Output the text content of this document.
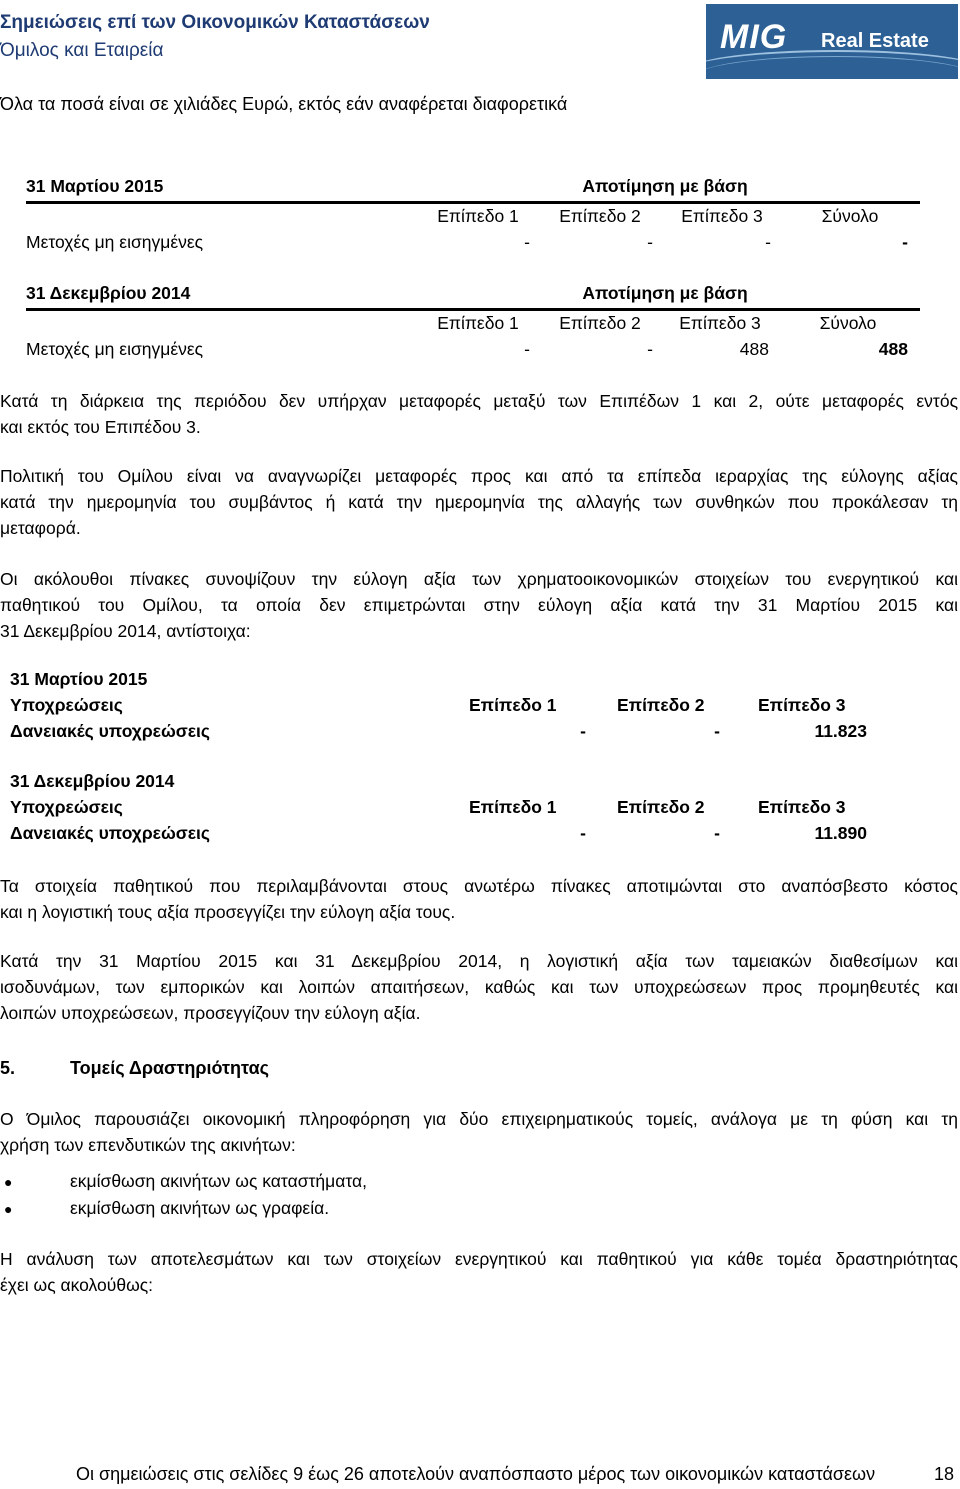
Σημειώσεις επί των Οικονομικών Καταστάσεων
Όμιλος και Εταιρεία	MIG Real Estate
Όλα τα ποσά είναι σε χιλιάδες Ευρώ, εκτός εάν αναφέρεται διαφορετικά
31 Μαρτίου 2015	Αποτίμηση με βάση
Επίπεδο 1	Επίπεδο 2	Επίπεδο 3	Σύνολο
Μετοχές μη εισηγμένες	-	-	-	-
31 Δεκεμβρίου 2014	Αποτίμηση με βάση
Επίπεδο 1	Επίπεδο 2	Επίπεδο 3	Σύνολο
Μετοχές μη εισηγμένες	-	-	488	488
Κατά τη διάρκεια της περιόδου δεν υπήρχαν μεταφορές μεταξύ των Επιπέδων 1 και 2, ούτε μεταφορές εντός
και εκτός του Επιπέδου 3.
Πολιτική του Ομίλου είναι να αναγνωρίζει μεταφορές προς και από τα επίπεδα ιεραρχίας της εύλογης αξίας
κατά την ημερομηνία του συμβάντος ή κατά την ημερομηνία της αλλαγής των συνθηκών που προκάλεσαν τη
μεταφορά.
Οι ακόλουθοι πίνακες συνοψίζουν την εύλογη αξία των χρηματοοικονομικών στοιχείων του ενεργητικού και
παθητικού του Ομίλου, τα οποία δεν επιμετρώνται στην εύλογη αξία κατά την 31 Μαρτίου 2015 και
31 Δεκεμβρίου 2014, αντίστοιχα:
31 Μαρτίου 2015
Υποχρεώσεις	Επίπεδο 1	Επίπεδο 2	Επίπεδο 3
Δανειακές υποχρεώσεις	-	-	11.823
31 Δεκεμβρίου 2014
Υποχρεώσεις	Επίπεδο 1	Επίπεδο 2	Επίπεδο 3
Δανειακές υποχρεώσεις	-	-	11.890
Τα στοιχεία παθητικού που περιλαμβάνονται στους ανωτέρω πίνακες αποτιμώνται στο αναπόσβεστο κόστος
και η λογιστική τους αξία προσεγγίζει την εύλογη αξία τους.
Κατά την 31 Μαρτίου 2015 και 31 Δεκεμβρίου 2014, η λογιστική αξία των ταμειακών διαθεσίμων και
ισοδυνάμων, των εμπορικών και λοιπών απαιτήσεων, καθώς και των υποχρεώσεων προς προμηθευτές και
λοιπών υποχρεώσεων, προσεγγίζουν την εύλογη αξία.
5.	Τομείς Δραστηριότητας
Ο Όμιλος παρουσιάζει οικονομική πληροφόρηση για δύο επιχειρηματικούς τομείς, ανάλογα με τη φύση και τη
χρήση των επενδυτικών της ακινήτων:
●	εκμίσθωση ακινήτων ως καταστήματα,
●	εκμίσθωση ακινήτων ως γραφεία.
Η ανάλυση των αποτελεσμάτων και των στοιχείων ενεργητικού και παθητικού για κάθε τομέα δραστηριότητας
έχει ως ακολούθως:
Οι σημειώσεις στις σελίδες 9 έως 26 αποτελούν αναπόσπαστο μέρος των οικονομικών καταστάσεων	18
